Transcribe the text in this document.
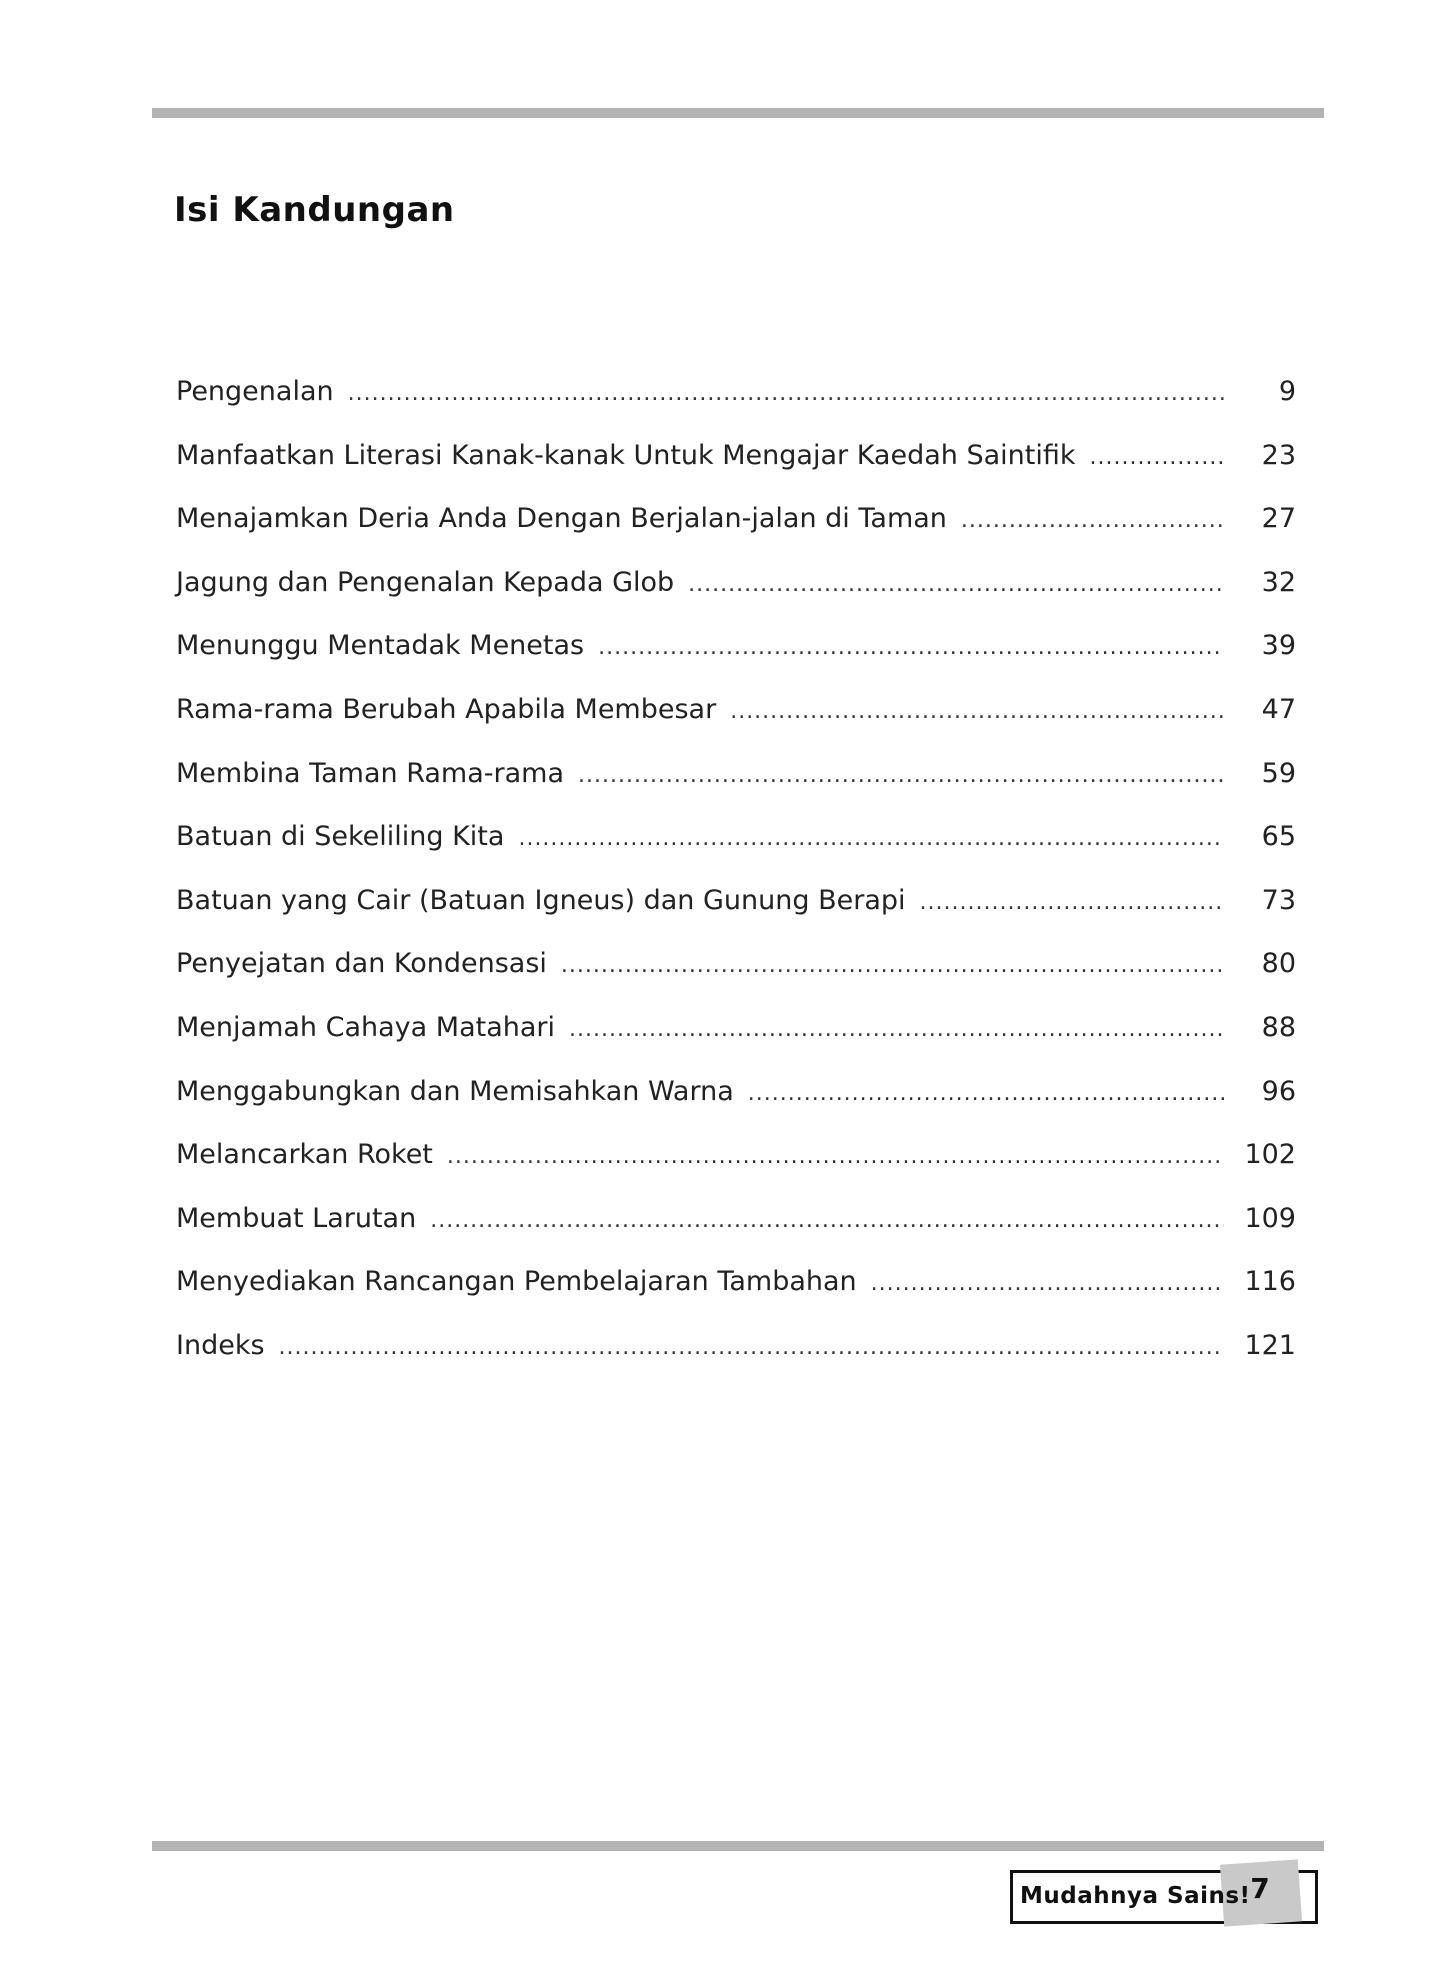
Isi Kandungan
Pengenalan .....	9
Manfaatkan Literasi Kanak-kanak Untuk Mengajar Kaedah Saintifik .....	23
Menajamkan Deria Anda Dengan Berjalan-jalan di Taman .....	27
Jagung dan Pengenalan Kepada Glob .....	32
Menunggu Mentadak Menetas .....	39
Rama-rama Berubah Apabila Membesar .....	47
Membina Taman Rama-rama .....	59
Batuan di Sekeliling Kita .....	65
Batuan yang Cair (Batuan Igneus) dan Gunung Berapi .....	73
Penyejatan dan Kondensasi .....	80
Menjamah Cahaya Matahari .....	88
Menggabungkan dan Memisahkan Warna .....	96
Melancarkan Roket .....	102
Membuat Larutan .....	109
Menyediakan Rancangan Pembelajaran Tambahan .....	116
Indeks .....	121
Mudahnya Sains! 7
